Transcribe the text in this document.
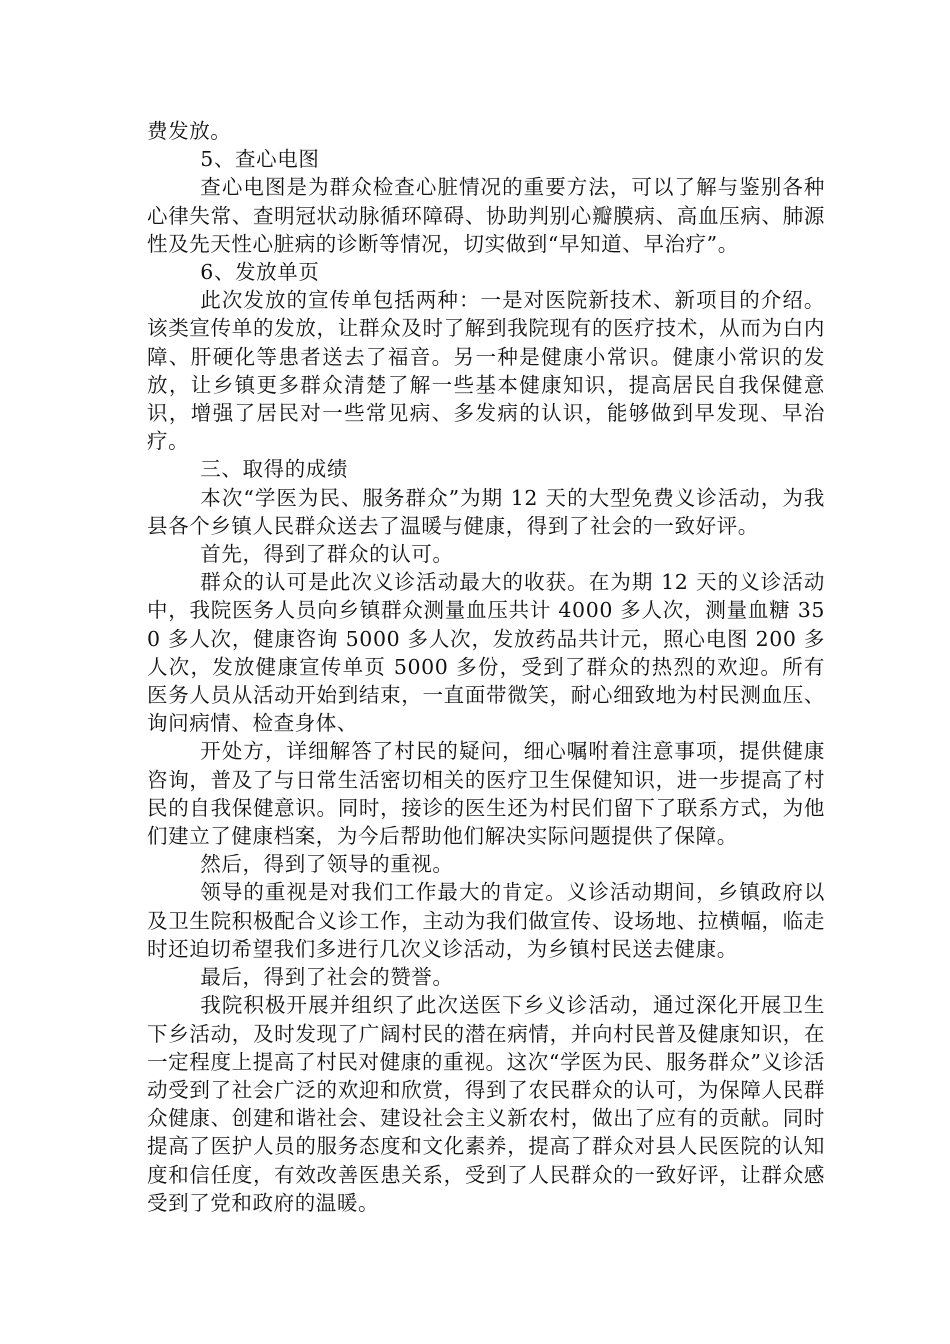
费发放。

5、查心电图

查心电图是为群众检查心脏情况的重要方法，可以了解与鉴别各种心律失常、查明冠状动脉循环障碍、协助判别心瓣膜病、高血压病、肺源性及先天性心脏病的诊断等情况，切实做到“早知道、早治疗”。

6、发放单页

此次发放的宣传单包括两种：一是对医院新技术、新项目的介绍。该类宣传单的发放，让群众及时了解到我院现有的医疗技术，从而为白内障、肝硬化等患者送去了福音。另一种是健康小常识。健康小常识的发放，让乡镇更多群众清楚了解一些基本健康知识，提高居民自我保健意识，增强了居民对一些常见病、多发病的认识，能够做到早发现、早治疗。

三、取得的成绩

本次“学医为民、服务群众”为期 12 天的大型免费义诊活动，为我县各个乡镇人民群众送去了温暖与健康，得到了社会的一致好评。

首先，得到了群众的认可。

群众的认可是此次义诊活动最大的收获。在为期 12 天的义诊活动中，我院医务人员向乡镇群众测量血压共计 4000 多人次，测量血糖 350 多人次，健康咨询 5000 多人次，发放药品共计元，照心电图 200 多人次，发放健康宣传单页 5000 多份，受到了群众的热烈的欢迎。所有医务人员从活动开始到结束，一直面带微笑，耐心细致地为村民测血压、询问病情、检查身体、

开处方，详细解答了村民的疑问，细心嘱咐着注意事项，提供健康咨询，普及了与日常生活密切相关的医疗卫生保健知识，进一步提高了村民的自我保健意识。同时，接诊的医生还为村民们留下了联系方式，为他们建立了健康档案，为今后帮助他们解决实际问题提供了保障。

然后，得到了领导的重视。

领导的重视是对我们工作最大的肯定。义诊活动期间，乡镇政府以及卫生院积极配合义诊工作，主动为我们做宣传、设场地、拉横幅，临走时还迫切希望我们多进行几次义诊活动，为乡镇村民送去健康。

最后，得到了社会的赞誉。

我院积极开展并组织了此次送医下乡义诊活动，通过深化开展卫生下乡活动，及时发现了广阔村民的潜在病情，并向村民普及健康知识，在一定程度上提高了村民对健康的重视。这次“学医为民、服务群众”义诊活动受到了社会广泛的欢迎和欣赏，得到了农民群众的认可，为保障人民群众健康、创建和谐社会、建设社会主义新农村，做出了应有的贡献。同时提高了医护人员的服务态度和文化素养，提高了群众对县人民医院的认知度和信任度，有效改善医患关系，受到了人民群众的一致好评，让群众感受到了党和政府的温暖。
